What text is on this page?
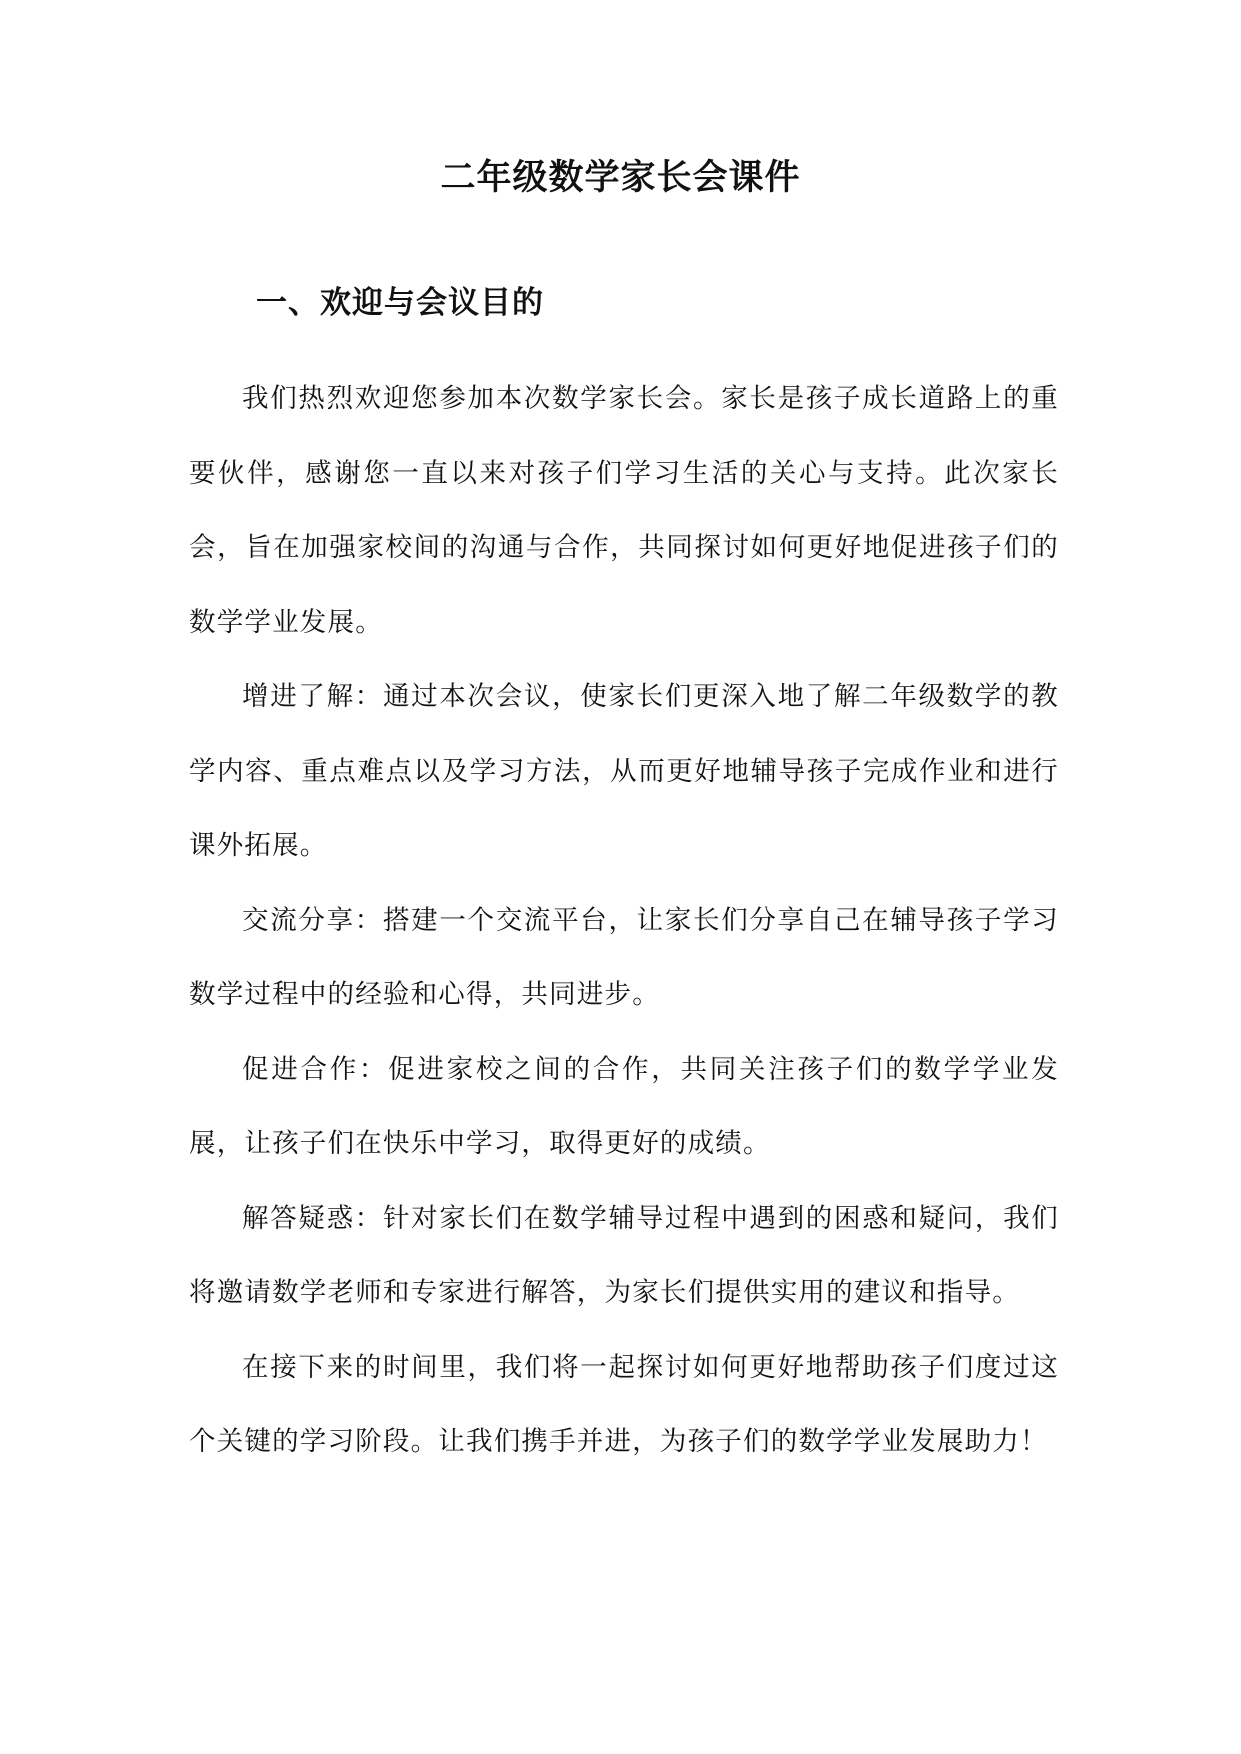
二年级数学家长会课件
一、欢迎与会议目的

我们热烈欢迎您参加本次数学家长会。家长是孩子成长道路上的重要伙伴，感谢您一直以来对孩子们学习生活的关心与支持。此次家长会，旨在加强家校间的沟通与合作，共同探讨如何更好地促进孩子们的数学学业发展。

增进了解：通过本次会议，使家长们更深入地了解二年级数学的教学内容、重点难点以及学习方法，从而更好地辅导孩子完成作业和进行课外拓展。

交流分享：搭建一个交流平台，让家长们分享自己在辅导孩子学习数学过程中的经验和心得，共同进步。

促进合作：促进家校之间的合作，共同关注孩子们的数学学业发展，让孩子们在快乐中学习，取得更好的成绩。

解答疑惑：针对家长们在数学辅导过程中遇到的困惑和疑问，我们将邀请数学老师和专家进行解答，为家长们提供实用的建议和指导。

在接下来的时间里，我们将一起探讨如何更好地帮助孩子们度过这个关键的学习阶段。让我们携手并进，为孩子们的数学学业发展助力！
